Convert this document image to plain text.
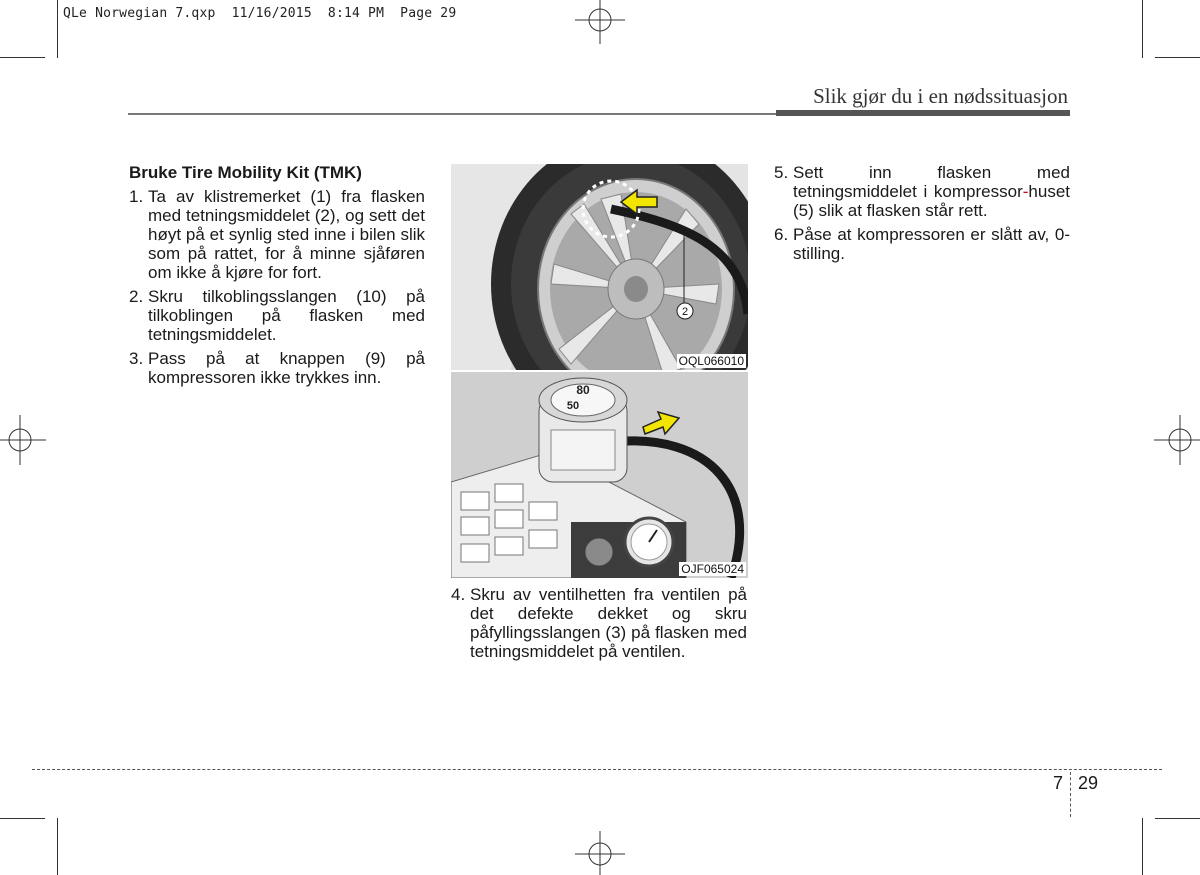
QLe Norwegian 7.qxp 11/16/2015 8:14 PM Page 29
Slik gjør du i en nødssituasjon
Bruke Tire Mobility Kit (TMK)
1. Ta av klistremerket (1) fra flasken med tetningsmiddelet (2), og sett det høyt på et synlig sted inne i bilen slik som på rattet, for å minne sjåføren om ikke å kjøre for fort.
2. Skru tilkoblingsslangen (10) på tilkoblingen på flasken med tetningsmiddelet.
3. Pass på at knappen (9) på kompressoren ikke trykkes inn.
2
OQL066010
80
50
OJF065024
4. Skru av ventilhetten fra ventilen på det defekte dekket og skru påfyllingsslangen (3) på flasken med tetningsmiddelet på ventilen.
5. Sett inn flasken med tetningsmiddelet i kompressor-huset (5) slik at flasken står rett.
6. Påse at kompressoren er slått av, 0-stilling.
7 29
